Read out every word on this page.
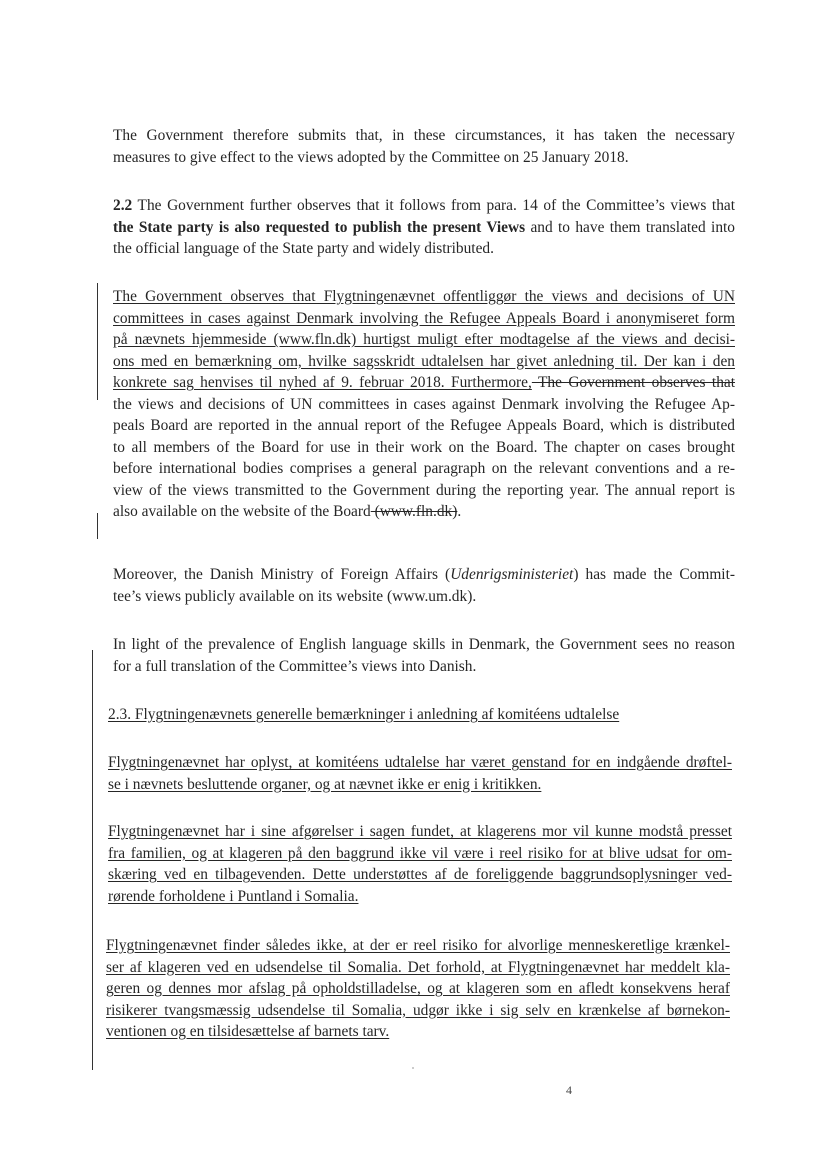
The Government therefore submits that, in these circumstances, it has taken the necessary
measures to give effect to the views adopted by the Committee on 25 January 2018.
2.2 The Government further observes that it follows from para. 14 of the Committee’s views that
the State party is also requested to publish the present Views and to have them translated into
the official language of the State party and widely distributed.
The Government observes that Flygtningenævnet offentliggør the views and decisions of UN
committees in cases against Denmark involving the Refugee Appeals Board i anonymiseret form
på nævnets hjemmeside (www.fln.dk) hurtigst muligt efter modtagelse af the views and decisi-
ons med en bemærkning om, hvilke sagsskridt udtalelsen har givet anledning til. Der kan i den
konkrete sag henvises til nyhed af 9. februar 2018. Furthermore, The Government observes that
the views and decisions of UN committees in cases against Denmark involving the Refugee Ap-
peals Board are reported in the annual report of the Refugee Appeals Board, which is distributed
to all members of the Board for use in their work on the Board. The chapter on cases brought
before international bodies comprises a general paragraph on the relevant conventions and a re-
view of the views transmitted to the Government during the reporting year. The annual report is
also available on the website of the Board (www.fln.dk).
Moreover, the Danish Ministry of Foreign Affairs (Udenrigsministeriet) has made the Commit-
tee’s views publicly available on its website (www.um.dk).
In light of the prevalence of English language skills in Denmark, the Government sees no reason
for a full translation of the Committee’s views into Danish.
2.3. Flygtningenævnets generelle bemærkninger i anledning af komitéens udtalelse
Flygtningenævnet har oplyst, at komitéens udtalelse har været genstand for en indgående drøftel-
se i nævnets besluttende organer, og at nævnet ikke er enig i kritikken.
Flygtningenævnet har i sine afgørelser i sagen fundet, at klagerens mor vil kunne modstå presset
fra familien, og at klageren på den baggrund ikke vil være i reel risiko for at blive udsat for om-
skæring ved en tilbagevenden. Dette understøttes af de foreliggende baggrundsoplysninger ved-
rørende forholdene i Puntland i Somalia.
Flygtningenævnet finder således ikke, at der er reel risiko for alvorlige menneskeretlige krænkel-
ser af klageren ved en udsendelse til Somalia. Det forhold, at Flygtningenævnet har meddelt kla-
geren og dennes mor afslag på opholdstilladelse, og at klageren som en afledt konsekvens heraf
risikerer tvangsmæssig udsendelse til Somalia, udgør ikke i sig selv en krænkelse af børnekon-
ventionen og en tilsidesættelse af barnets tarv.
4
